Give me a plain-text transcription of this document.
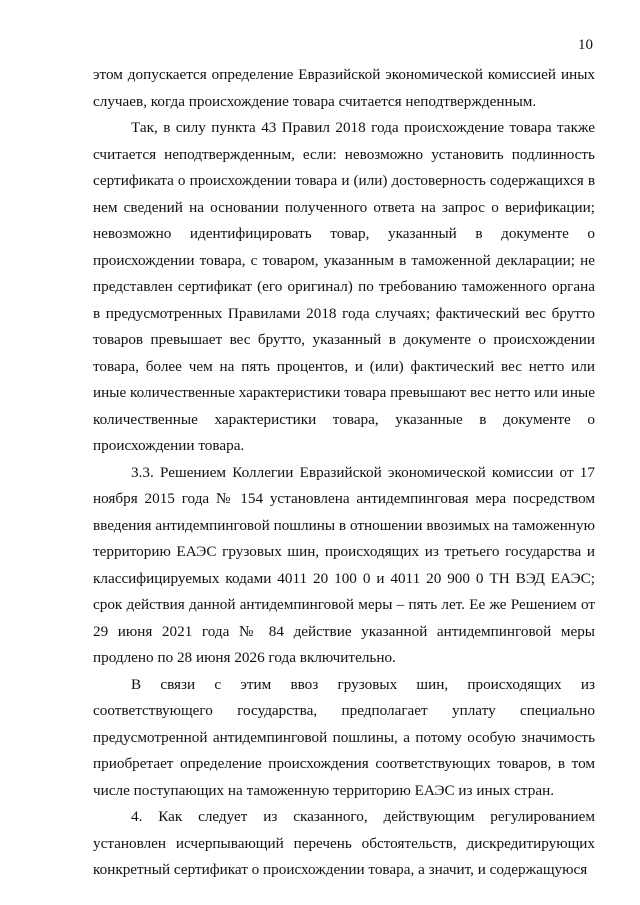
10

этом допускается определение Евразийской экономической комиссией иных случаев, когда происхождение товара считается неподтвержденным.

Так, в силу пункта 43 Правил 2018 года происхождение товара также считается неподтвержденным, если: невозможно установить подлинность сертификата о происхождении товара и (или) достоверность содержащихся в нем сведений на основании полученного ответа на запрос о верификации; невозможно идентифицировать товар, указанный в документе о происхождении товара, с товаром, указанным в таможенной декларации; не представлен сертификат (его оригинал) по требованию таможенного органа в предусмотренных Правилами 2018 года случаях; фактический вес брутто товаров превышает вес брутто, указанный в документе о происхождении товара, более чем на пять процентов, и (или) фактический вес нетто или иные количественные характеристики товара превышают вес нетто или иные количественные характеристики товара, указанные в документе о происхождении товара.

3.3. Решением Коллегии Евразийской экономической комиссии от 17 ноября 2015 года № 154 установлена антидемпинговая мера посредством введения антидемпинговой пошлины в отношении ввозимых на таможенную территорию ЕАЭС грузовых шин, происходящих из третьего государства и классифицируемых кодами 4011 20 100 0 и 4011 20 900 0 ТН ВЭД ЕАЭС; срок действия данной антидемпинговой меры – пять лет. Ее же Решением от 29 июня 2021 года № 84 действие указанной антидемпинговой меры продлено по 28 июня 2026 года включительно.

В связи с этим ввоз грузовых шин, происходящих из соответствующего государства, предполагает уплату специально предусмотренной антидемпинговой пошлины, а потому особую значимость приобретает определение происхождения соответствующих товаров, в том числе поступающих на таможенную территорию ЕАЭС из иных стран.

4. Как следует из сказанного, действующим регулированием установлен исчерпывающий перечень обстоятельств, дискредитирующих конкретный сертификат о происхождении товара, а значит, и содержащуюся
